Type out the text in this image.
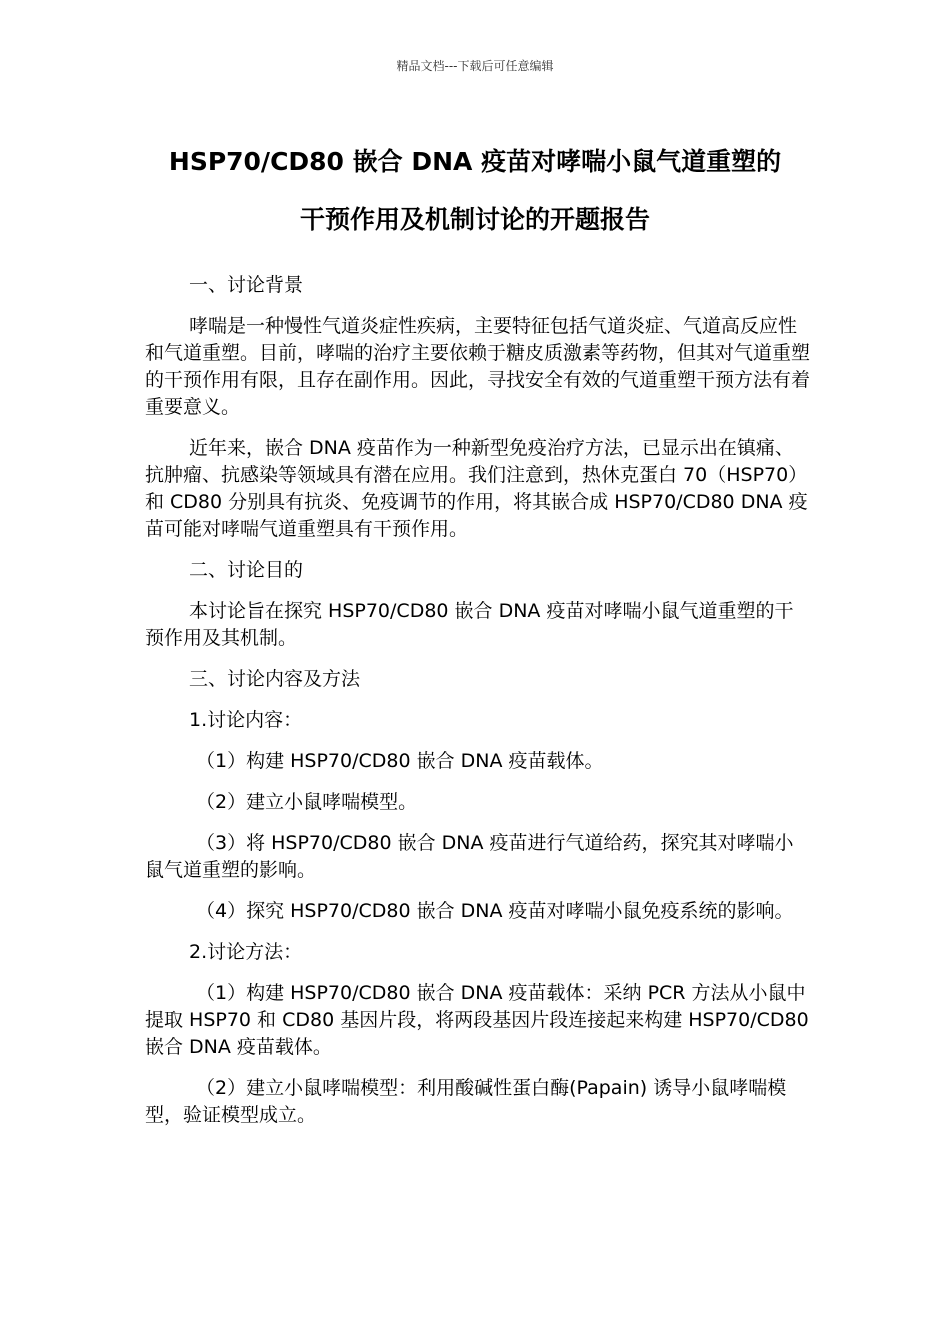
精品文档---下载后可任意编辑
HSP70/CD80 嵌合 DNA 疫苗对哮喘小鼠气道重塑的
干预作用及机制讨论的开题报告

一、讨论背景

哮喘是一种慢性气道炎症性疾病，主要特征包括气道炎症、气道高反应性和气道重塑。目前，哮喘的治疗主要依赖于糖皮质激素等药物，但其对气道重塑的干预作用有限，且存在副作用。因此，寻找安全有效的气道重塑干预方法有着重要意义。

近年来，嵌合 DNA 疫苗作为一种新型免疫治疗方法，已显示出在镇痛、抗肿瘤、抗感染等领域具有潜在应用。我们注意到，热休克蛋白 70（HSP70）和 CD80 分别具有抗炎、免疫调节的作用，将其嵌合成 HSP70/CD80 DNA 疫苗可能对哮喘气道重塑具有干预作用。

二、讨论目的

本讨论旨在探究 HSP70/CD80 嵌合 DNA 疫苗对哮喘小鼠气道重塑的干预作用及其机制。

三、讨论内容及方法

1.讨论内容：

（1）构建 HSP70/CD80 嵌合 DNA 疫苗载体。

（2）建立小鼠哮喘模型。

（3）将 HSP70/CD80 嵌合 DNA 疫苗进行气道给药，探究其对哮喘小鼠气道重塑的影响。

（4）探究 HSP70/CD80 嵌合 DNA 疫苗对哮喘小鼠免疫系统的影响。

2.讨论方法：

（1）构建 HSP70/CD80 嵌合 DNA 疫苗载体：采纳 PCR 方法从小鼠中提取 HSP70 和 CD80 基因片段，将两段基因片段连接起来构建 HSP70/CD80 嵌合 DNA 疫苗载体。

（2）建立小鼠哮喘模型：利用酸碱性蛋白酶(Papain) 诱导小鼠哮喘模型，验证模型成立。
